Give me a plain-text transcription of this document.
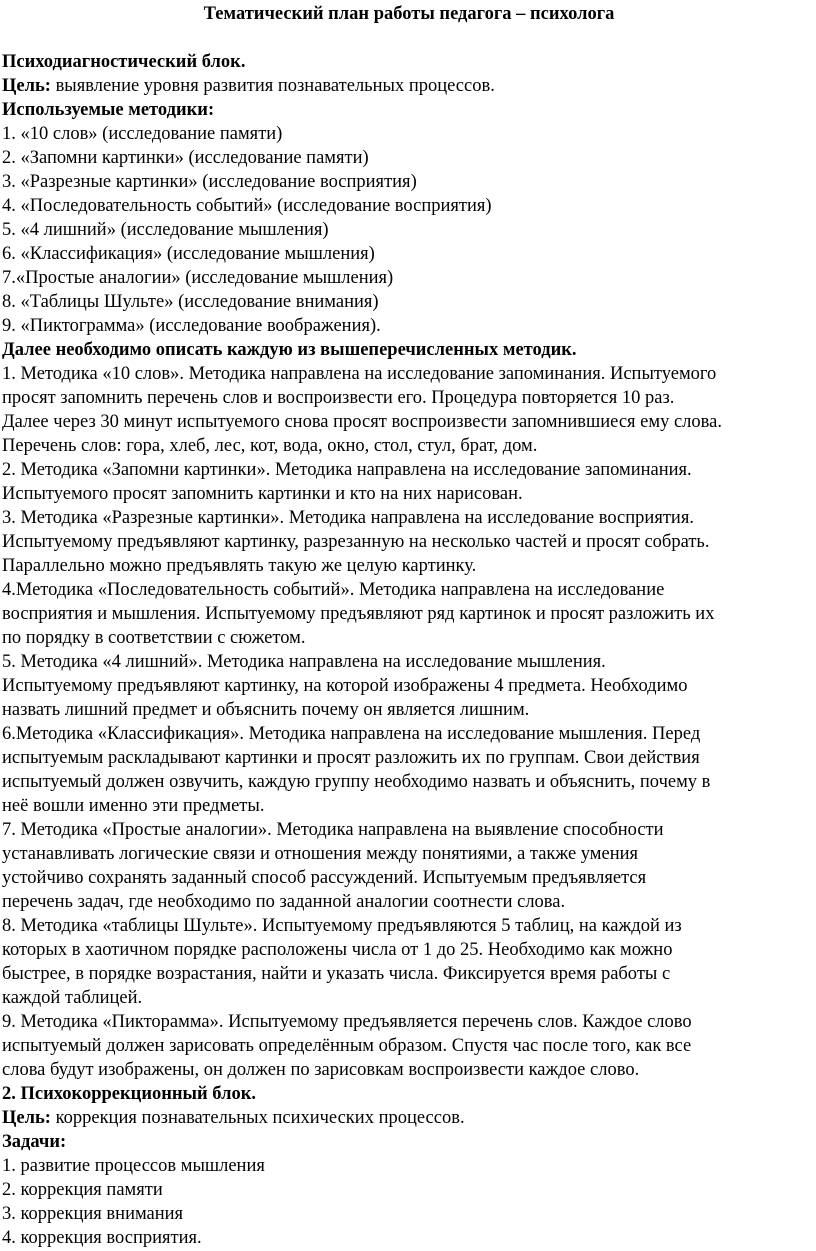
Тематический план работы педагога – психолога
Психодиагностический блок.
Цель: выявление уровня развития познавательных процессов.
Используемые методики:
1. «10 слов» (исследование памяти)
2. «Запомни картинки» (исследование памяти)
3. «Разрезные картинки» (исследование восприятия)
4. «Последовательность событий» (исследование восприятия)
5. «4 лишний» (исследование мышления)
6. «Классификация» (исследование мышления)
7.«Простые аналогии» (исследование мышления)
8. «Таблицы Шульте» (исследование внимания)
9. «Пиктограмма» (исследование воображения).
Далее необходимо описать каждую из вышеперечисленных методик.
1. Методика «10 слов». Методика направлена на исследование запоминания. Испытуемого
просят запомнить перечень слов и воспроизвести его. Процедура повторяется 10 раз.
Далее через 30 минут испытуемого снова просят воспроизвести запомнившиеся ему слова.
Перечень слов: гора, хлеб, лес, кот, вода, окно, стол, стул, брат, дом.
2. Методика «Запомни картинки». Методика направлена на исследование запоминания.
Испытуемого просят запомнить картинки и кто на них нарисован.
3. Методика «Разрезные картинки». Методика направлена на исследование восприятия.
Испытуемому предъявляют картинку, разрезанную на несколько частей и просят собрать.
Параллельно можно предъявлять такую же целую картинку.
4.Методика «Последовательность событий». Методика направлена на исследование
восприятия и мышления. Испытуемому предъявляют ряд картинок и просят разложить их
по порядку в соответствии с сюжетом.
5. Методика «4 лишний». Методика направлена на исследование мышления.
Испытуемому предъявляют картинку, на которой изображены 4 предмета. Необходимо
назвать лишний предмет и объяснить почему он является лишним.
6.Методика «Классификация». Методика направлена на исследование мышления. Перед
испытуемым раскладывают картинки и просят разложить их по группам. Свои действия
испытуемый должен озвучить, каждую группу необходимо назвать и объяснить, почему в
неё вошли именно эти предметы.
7. Методика «Простые аналогии». Методика направлена на выявление способности
устанавливать логические связи и отношения между понятиями, а также умения
устойчиво сохранять заданный способ рассуждений. Испытуемым предъявляется
перечень задач, где необходимо по заданной аналогии соотнести слова.
8. Методика «таблицы Шульте». Испытуемому предъявляются 5 таблиц, на каждой из
которых в хаотичном порядке расположены числа от 1 до 25. Необходимо как можно
быстрее, в порядке возрастания, найти и указать числа. Фиксируется время работы с
каждой таблицей.
9. Методика «Пикторамма». Испытуемому предъявляется перечень слов. Каждое слово
испытуемый должен зарисовать определённым образом. Спустя час после того, как все
слова будут изображены, он должен по зарисовкам воспроизвести каждое слово.
2. Психокоррекционный блок.
Цель: коррекция познавательных психических процессов.
Задачи:
1. развитие процессов мышления
2. коррекция памяти
3. коррекция внимания
4. коррекция восприятия.
